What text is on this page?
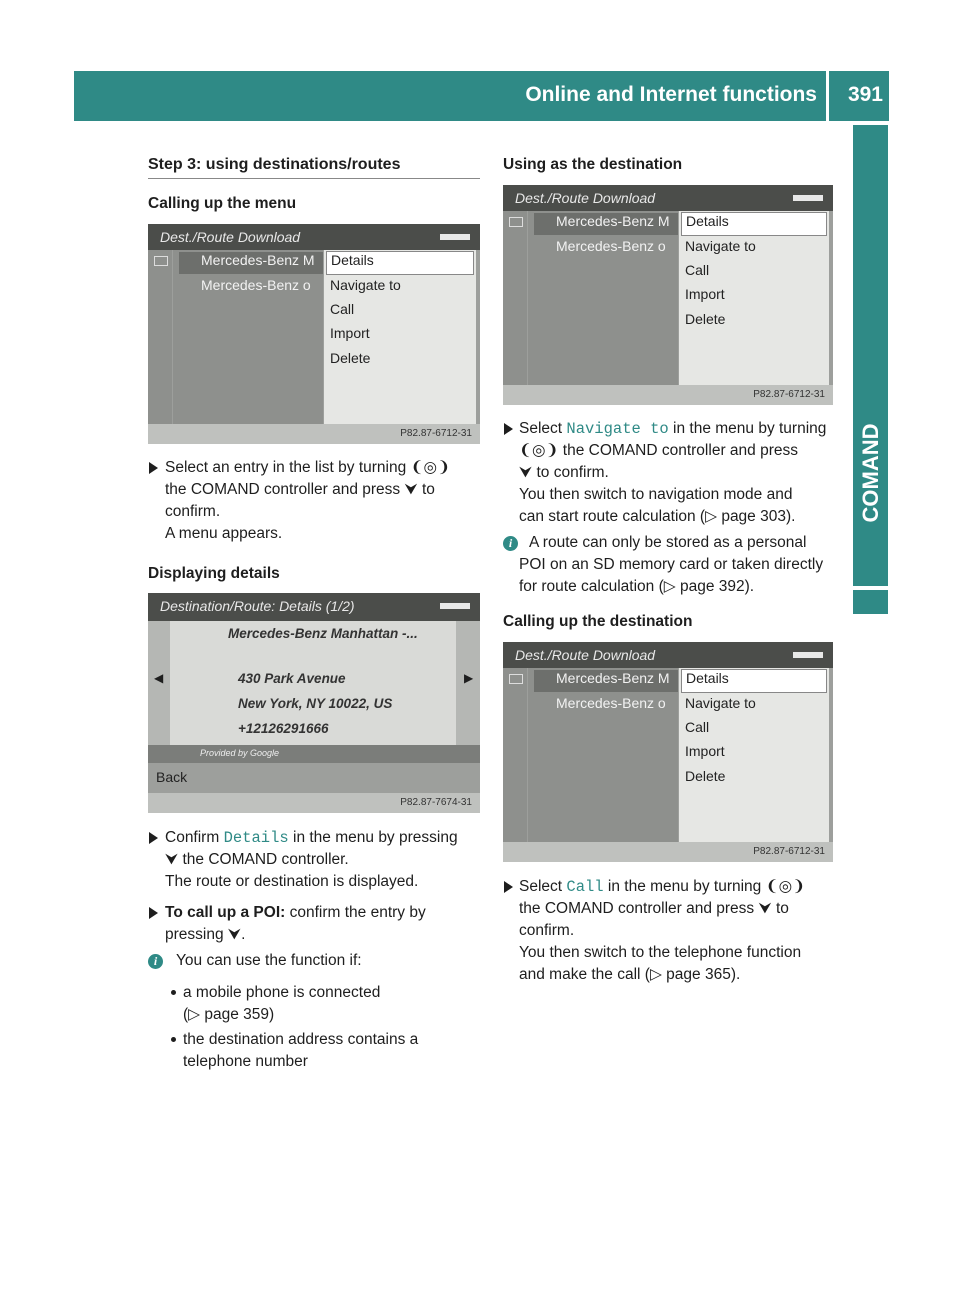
Online and Internet functions 391
COMAND
Step 3: using destinations/routes
Calling up the menu
Dest./Route Download
Mercedes-Benz M
Mercedes-Benz o
Details
Navigate to
Call
Import
Delete
P82.87-6712-31

Select an entry in the list by turning ❨◎❩

the COMAND controller and press ⮟ to

confirm.

A menu appears.

Displaying details
Destination/Route: Details (1/2)
◀	▶
Mercedes-Benz Manhattan -...
430 Park Avenue
New York, NY 10022, US
+12126291666
Provided by Google
Back
P82.87-7674-31

Confirm Details in the menu by pressing

⮟ the COMAND controller.

The route or destination is displayed.

To call up a POI: confirm the entry by

pressing ⮟.

i	You can use the function if:

a mobile phone is connected

(▷ page 359)

the destination address contains a

telephone number

Using as the destination
Dest./Route Download
Mercedes-Benz M
Mercedes-Benz o
Details
Navigate to
Call
Import
Delete
P82.87-6712-31

Select Navigate to in the menu by turning

❨◎❩ the COMAND controller and press

⮟ to confirm.

You then switch to navigation mode and

can start route calculation (▷ page 303).

i	A route can only be stored as a personal

POI on an SD memory card or taken directly

for route calculation (▷ page 392).

Calling up the destination
Dest./Route Download
Mercedes-Benz M
Mercedes-Benz o
Details
Navigate to
Call
Import
Delete
P82.87-6712-31

Select Call in the menu by turning ❨◎❩

the COMAND controller and press ⮟ to

confirm.

You then switch to the telephone function

and make the call (▷ page 365).
